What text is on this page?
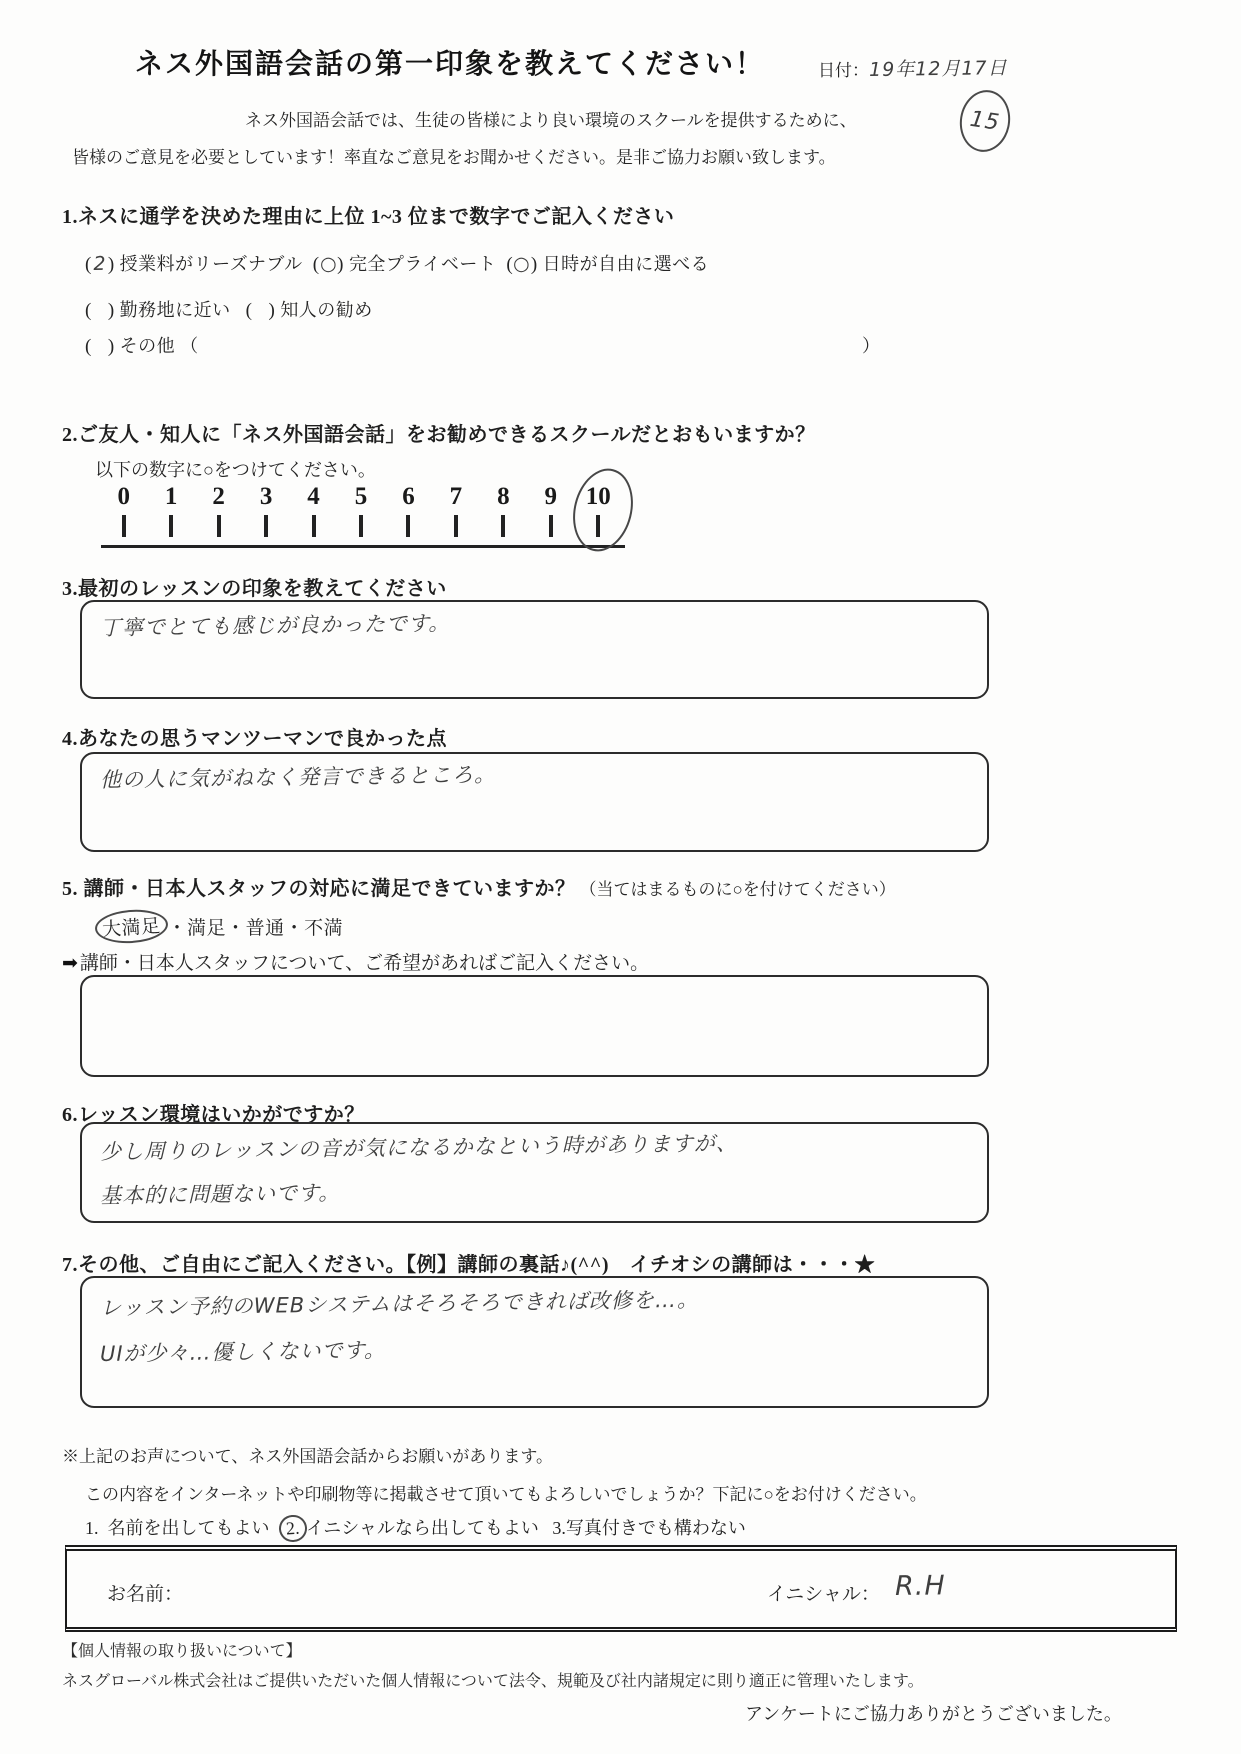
ネス外国語会話の第一印象を教えてください！	日付：19年12月17日
15
ネス外国語会話では、生徒の皆様により良い環境のスクールを提供するために、
皆様のご意見を必要としています！率直なご意見をお聞かせください。是非ご協力お願い致します。
1.ネスに通学を決めた理由に上位 1~3 位まで数字でご記入ください
(2) 授業料がリーズナブル (○) 完全プライベート (○) 日時が自由に選べる
( ) 勤務地に近い ( ) 知人の勧め
( ) その他 （	）
2.ご友人・知人に「ネス外国語会話」をお勧めできるスクールだとおもいますか？
以下の数字に○をつけてください。
0	1	2	3	4	5	6	7	8	9	10
3.最初のレッスンの印象を教えてください
丁寧でとても感じが良かったです。
4.あなたの思うマンツーマンで良かった点
他の人に気がねなく発言できるところ。
5. 講師・日本人スタッフの対応に満足できていますか？ （当てはまるものに○を付けてください）
大満足 ・満足・普通・不満
➡ 講師・日本人スタッフについて、ご希望があればご記入ください。
6.レッスン環境はいかがですか？
少し周りのレッスンの音が気になるかなという時がありますが、
基本的に問題ないです。
7.その他、ご自由にご記入ください。【例】講師の裏話♪(^^)　イチオシの講師は・・・★
レッスン予約のWEBシステムはそろそろできれば改修を…。
UIが少々…優しくないです。
※上記のお声について、ネス外国語会話からお願いがあります。
この内容をインターネットや印刷物等に掲載させて頂いてもよろしいでしょうか？下記に○をお付けください。
1. 名前を出してもよい 2. イニシャルなら出してもよい 3.写真付きでも構わない
お名前：	イニシャル： R.H
【個人情報の取り扱いについて】
ネスグローバル株式会社はご提供いただいた個人情報について法令、規範及び社内諸規定に則り適正に管理いたします。
アンケートにご協力ありがとうございました。
